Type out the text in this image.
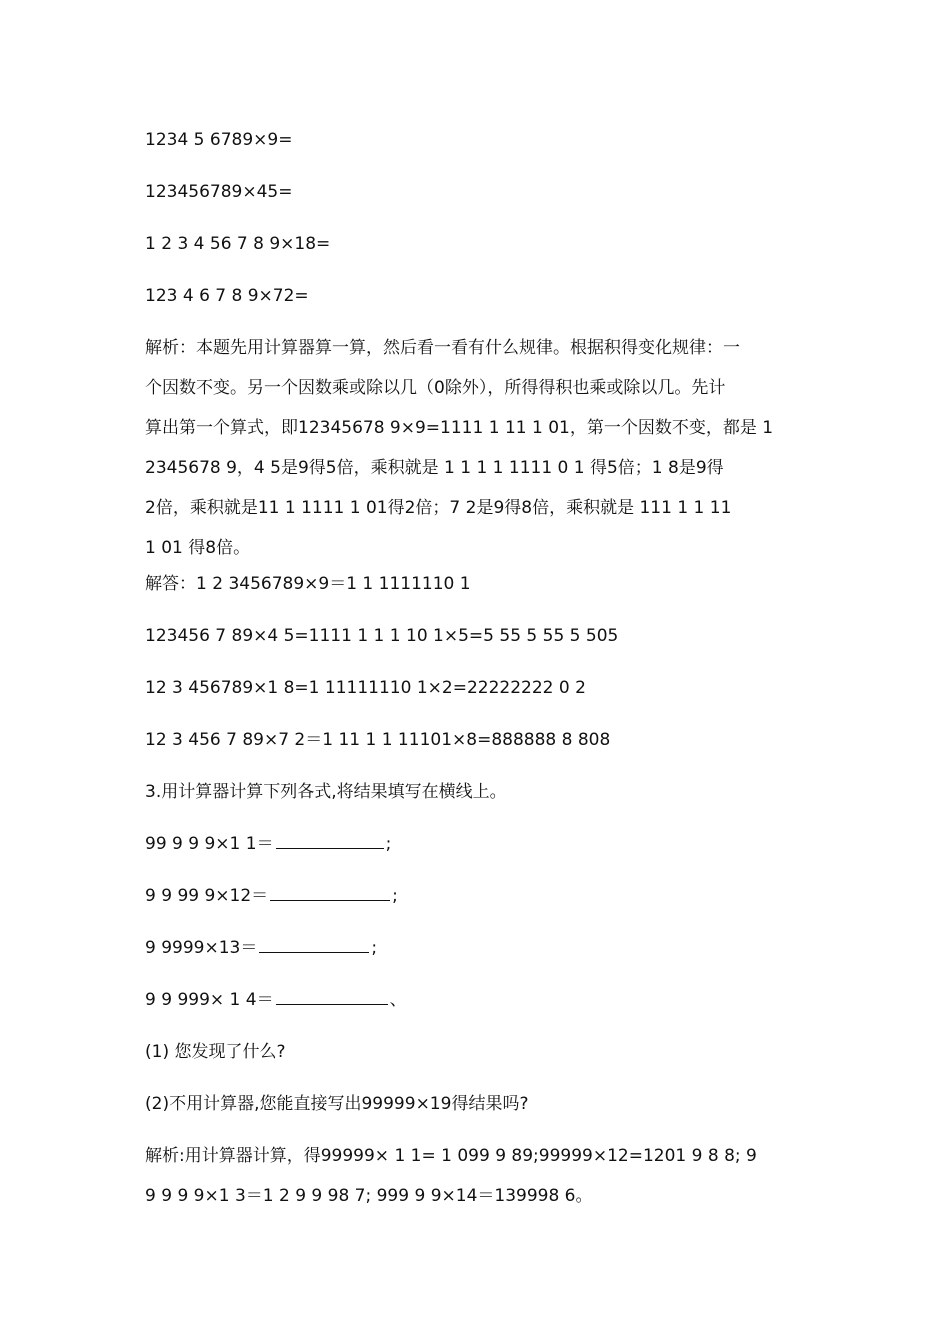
1234 5 6789×9=
123456789×45=
1 2 3 4 56 7 8 9×18=
123 4 6 7 8 9×72=
解析：本题先用计算器算一算，然后看一看有什么规律。根据积得变化规律：一
个因数不变。另一个因数乘或除以几（0除外），所得得积也乘或除以几。先计
算出第一个算式，即12345678 9×9=1111 1 11 1 01，第一个因数不变，都是 1
2345678 9，4 5是9得5倍，乘积就是 1 1 1 1 1111 0 1 得5倍；1 8是9得
2倍，乘积就是11 1 1111 1 01得2倍；7 2是9得8倍，乘积就是 111 1 1 11
1 01 得8倍。
解答：1 2 3456789×9＝1 1 1111110 1
123456 7 89×4 5=1111 1 1 1 10 1×5=5 55 5 55 5 505
12 3 456789×1 8=1 11111110 1×2=22222222 0 2
12 3 456 7 89×7 2＝1 11 1 1 11101×8=888888 8 808
3.用计算器计算下列各式,将结果填写在横线上。
99 9 9 9×1 1＝	;
9 9 99 9×12＝	;
9 9999×13＝	;
9 9 999× 1 4＝	、
(1) 您发现了什么?
(2)不用计算器,您能直接写出99999×19得结果吗?
解析:用计算器计算，得99999× 1 1= 1 099 9 89;99999×12=1201 9 8 8; 9
9 9 9 9×1 3＝1 2 9 9 98 7; 999 9 9×14＝139998 6。
